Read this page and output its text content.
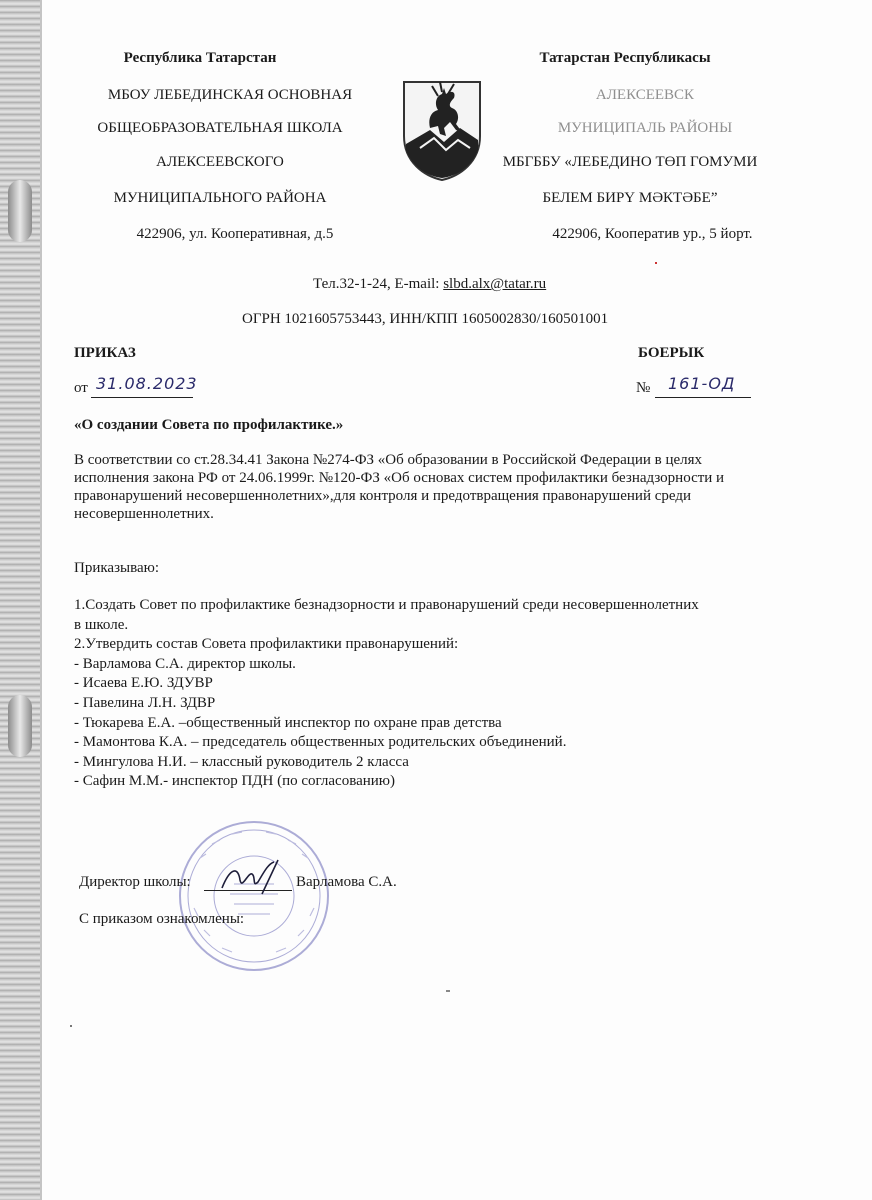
Республика Татарстан
МБОУ ЛЕБЕДИНСКАЯ ОСНОВНАЯ
ОБЩЕОБРАЗОВАТЕЛЬНАЯ ШКОЛА
АЛЕКСЕЕВСКОГО
МУНИЦИПАЛЬНОГО РАЙОНА
422906, ул. Кооперативная, д.5
Татарстан Республикасы
АЛЕКСЕЕВСК
МУНИЦИПАЛЬ РАЙОНЫ
МБГББУ «ЛЕБЕДИНО ТӨП ГОМУМИ
БЕЛЕМ БИРҮ МӘКТӘБЕ”
422906, Кооператив ур., 5 йорт.
Тел.32-1-24, E-mail: slbd.alx@tatar.ru
ОГРН 1021605753443, ИНН/КПП 1605002830/160501001
ПРИКАЗ	БОЕРЫК
от 31.08.2023	№ 161-ОД
«О создании Совета по профилактике.»
В соответствии со ст.28.34.41 Закона №274-ФЗ «Об образовании в Российской Федерации в целях исполнения закона РФ от 24.06.1999г. №120-ФЗ «Об основах систем профилактики безнадзорности и правонарушений несовершеннолетних»,для контроля и предотвращения правонарушений среди несовершеннолетних.
Приказываю:
1.Создать Совет по профилактике безнадзорности и правонарушений среди несовершеннолетних
в школе.
2.Утвердить состав Совета профилактики правонарушений:
- Варламова С.А. директор школы.
- Исаева Е.Ю. ЗДУВР
- Павелина Л.Н. ЗДВР
- Тюкарева Е.А. –общественный инспектор по охране прав детства
- Мамонтова К.А. – председатель общественных родительских объединений.
- Мингулова Н.И. – классный руководитель 2 класса
- Сафин М.М.- инспектор ПДН (по согласованию)
Директор школы:	Варламова С.А.
С приказом ознакомлены:
